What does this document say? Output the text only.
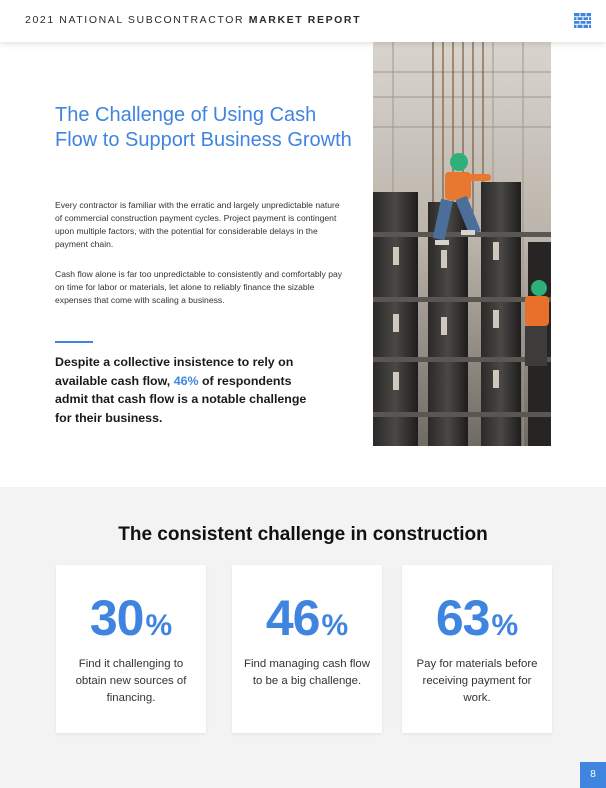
2021 NATIONAL SUBCONTRACTOR MARKET REPORT
The Challenge of Using Cash Flow to Support Business Growth

Every contractor is familiar with the erratic and largely unpredictable nature of commercial construction payment cycles. Project payment is contingent upon multiple factors, with the potential for considerable delays in the payment chain.

Cash flow alone is far too unpredictable to consistently and comfortably pay on time for labor or materials, let alone to reliably finance the sizable expenses that come with scaling a business.

Despite a collective insistence to rely on available cash flow, 46% of respondents admit that cash flow is a notable challenge for their business.

The consistent challenge in construction
30%

Find it challenging to obtain new sources of financing.

46%

Find managing cash flow to be a big challenge.

63%

Pay for materials before receiving payment for work.

8
